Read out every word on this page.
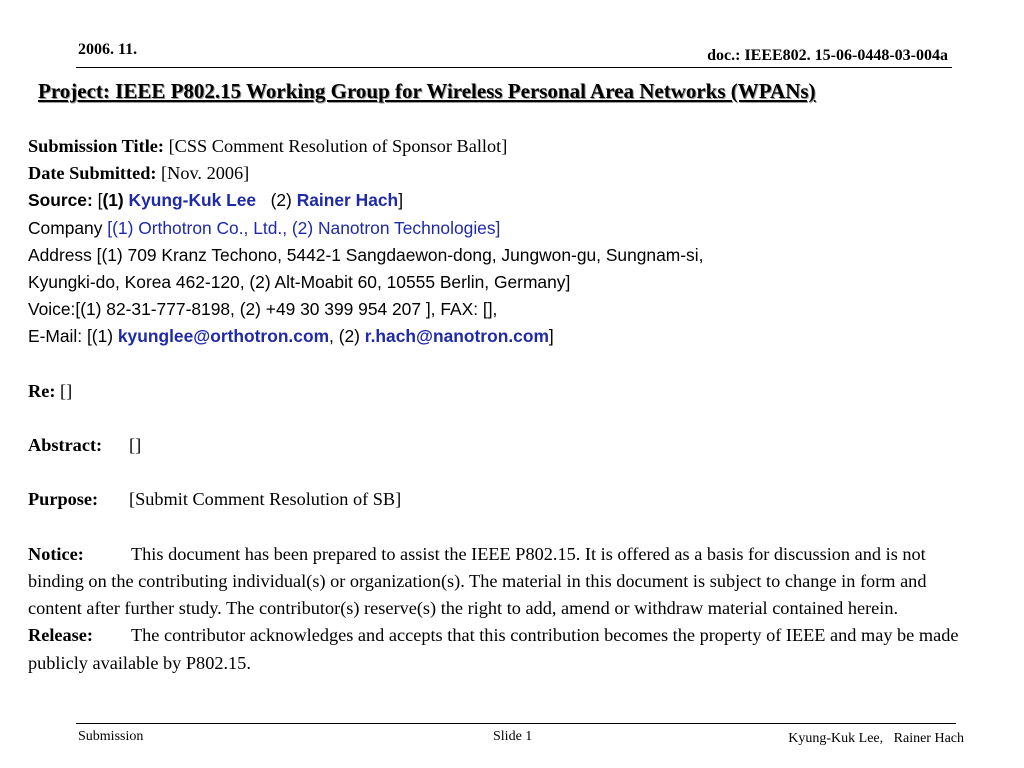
2006. 11.	doc.: IEEE802. 15-06-0448-03-004a
Project: IEEE P802.15 Working Group for Wireless Personal Area Networks (WPANs)
Submission Title: [CSS Comment Resolution of Sponsor Ballot]
Date Submitted: [Nov. 2006]
Source: [(1) Kyung-Kuk Lee (2) Rainer Hach]
Company [(1) Orthotron Co., Ltd., (2) Nanotron Technologies]
Address [(1) 709 Kranz Techono, 5442-1 Sangdaewon-dong, Jungwon-gu, Sungnam-si,
Kyungki-do, Korea 462-120, (2) Alt-Moabit 60, 10555 Berlin, Germany]
Voice:[(1) 82-31-777-8198, (2) +49 30 399 954 207 ], FAX: [],
E-Mail: [(1) kyunglee@orthotron.com, (2) r.hach@nanotron.com]
Re: []
Abstract: []
Purpose: [Submit Comment Resolution of SB]
Notice:	This document has been prepared to assist the IEEE P802.15. It is offered as a basis for discussion and is not binding on the contributing individual(s) or organization(s). The material in this document is subject to change in form and content after further study. The contributor(s) reserve(s) the right to add, amend or withdraw material contained herein.
Release: The contributor acknowledges and accepts that this contribution becomes the property of IEEE and may be made publicly available by P802.15.
Submission	Slide 1	Kyung-Kuk Lee,   Rainer Hach
